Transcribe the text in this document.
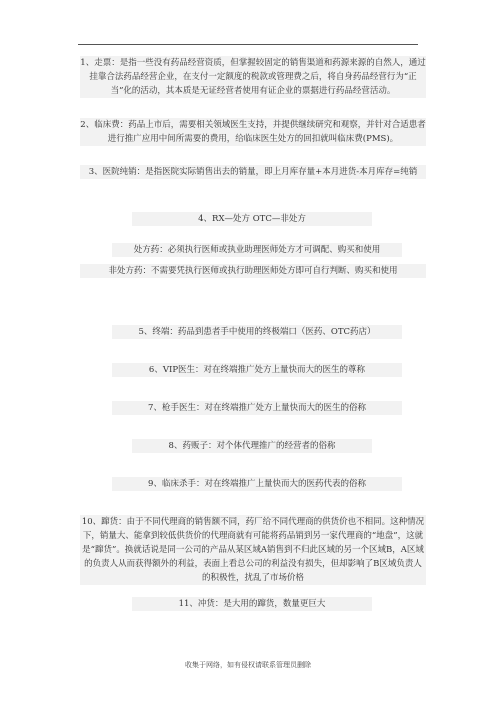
1、走票：是指一些没有药品经营资质，但掌握较固定的销售渠道和药源来源的自然人，通过挂靠合法药品经营企业，在支付一定额度的税款或管理费之后，将自身药品经营行为“正当”化的活动，其本质是无证经营者使用有证企业的票据进行药品经营活动。
2、临床费：药品上市后，需要相关领域医生支持，并提供继续研究和观察，并针对合适患者进行推广应用中间所需要的费用，给临床医生处方的回扣就叫临床费(PMS)。
3、医院纯销：是指医院实际销售出去的销量，即上月库存量+本月进货-本月库存=纯销
4、RX—处方 OTC—非处方
处方药：必须执行医师或执业助理医师处方才可调配、购买和使用
非处方药：不需要凭执行医师或执行助理医师处方即可自行判断、购买和使用
5、终端：药品到患者手中使用的终极端口（医药、OTC药店）
6、VIP医生：对在终端推广处方上量快而大的医生的尊称
7、枪手医生：对在终端推广处方上量快而大的医生的俗称
8、药贩子：对个体代理推广的经营者的俗称
9、临床杀手：对在终端推广上量快而大的医药代表的俗称
10、蹿货：由于不同代理商的销售额不同，药厂给不同代理商的供货价也不相同。这种情况下，销量大、能拿到较低供货价的代理商就有可能将药品销到另一家代理商的“地盘”，这就是“蹿货”。换就话说是同一公司的产品从某区域A销售到不归此区域的另一个区域B，A区域的负责人从而获得额外的利益，表面上看总公司的利益没有损失，但却影响了B区域负责人的积极性，扰乱了市场价格
11、冲货：是大用的蹿货，数量更巨大
收集于网络，如有侵权请联系管理员删除
